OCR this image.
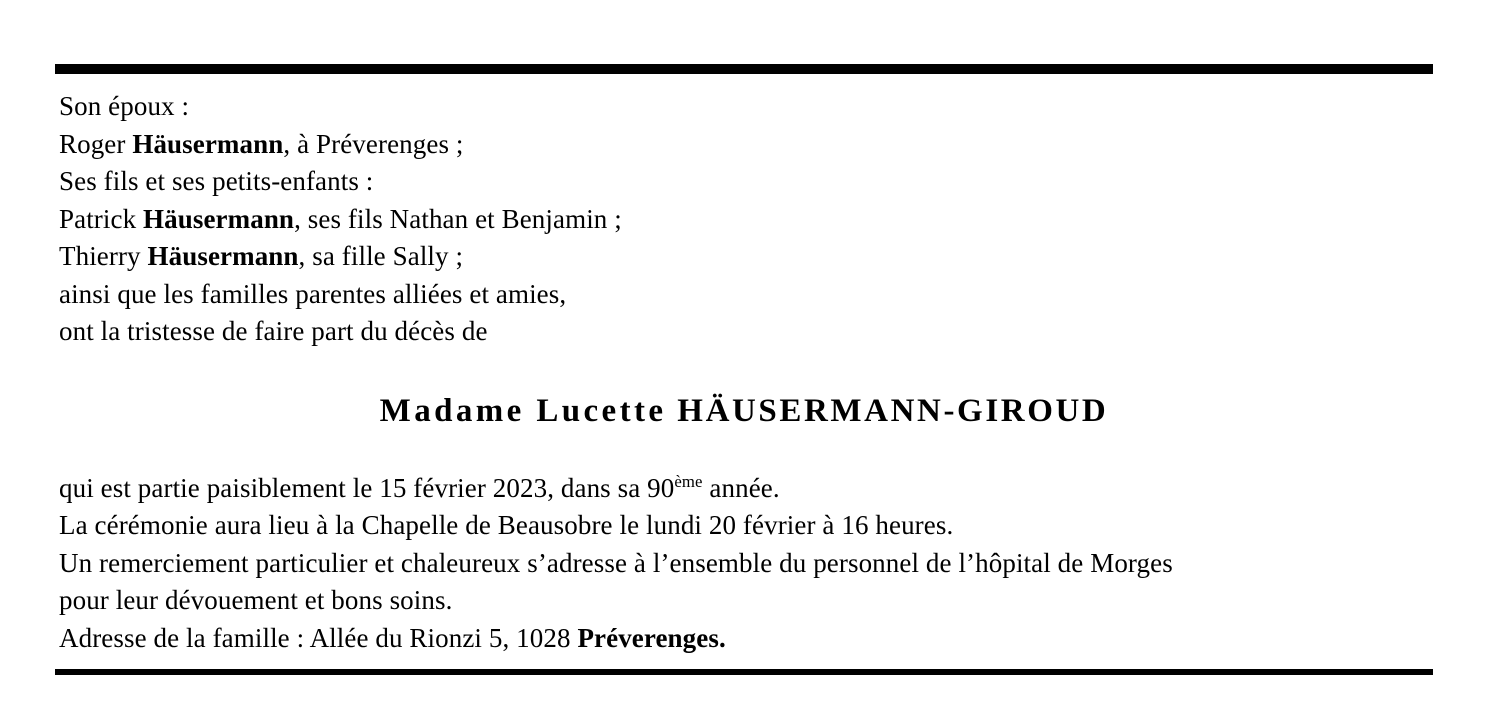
Son époux :
Roger Häusermann, à Préverenges ;
Ses fils et ses petits-enfants :
Patrick Häusermann, ses fils Nathan et Benjamin ;
Thierry Häusermann, sa fille Sally ;
ainsi que les familles parentes alliées et amies,
ont la tristesse de faire part du décès de
Madame Lucette HÄUSERMANN-GIROUD
qui est partie paisiblement le 15 février 2023, dans sa 90ème année.
La cérémonie aura lieu à la Chapelle de Beausobre le lundi 20 février à 16 heures.
Un remerciement particulier et chaleureux s’adresse à l’ensemble du personnel de l’hôpital de Morges
pour leur dévouement et bons soins.
Adresse de la famille : Allée du Rionzi 5, 1028 Préverenges.
